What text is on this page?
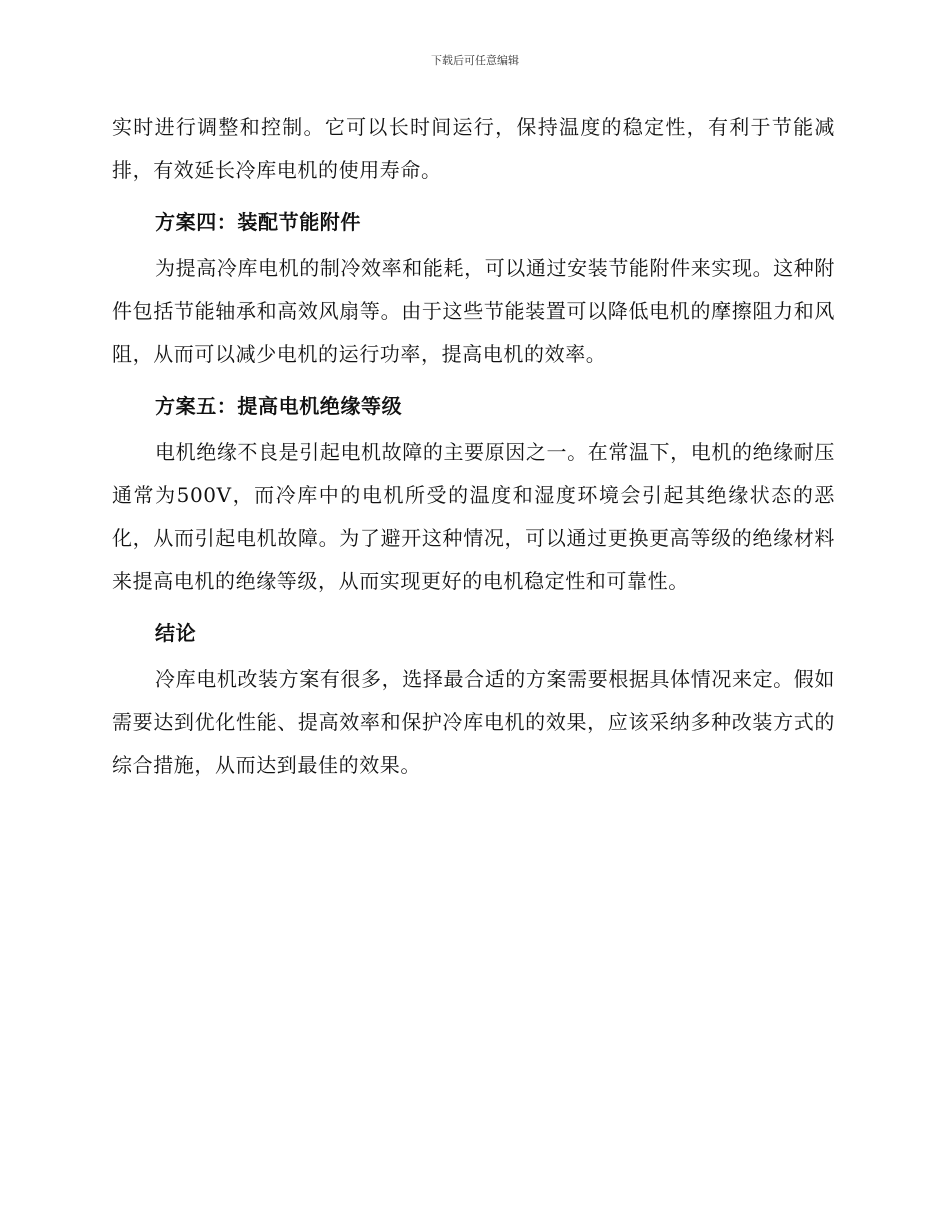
下载后可任意编辑

实时进行调整和控制。它可以长时间运行，保持温度的稳定性，有利于节能减排，有效延长冷库电机的使用寿命。

方案四：装配节能附件

为提高冷库电机的制冷效率和能耗，可以通过安装节能附件来实现。这种附件包括节能轴承和高效风扇等。由于这些节能装置可以降低电机的摩擦阻力和风阻，从而可以减少电机的运行功率，提高电机的效率。

方案五：提高电机绝缘等级

电机绝缘不良是引起电机故障的主要原因之一。在常温下，电机的绝缘耐压通常为500V，而冷库中的电机所受的温度和湿度环境会引起其绝缘状态的恶化，从而引起电机故障。为了避开这种情况，可以通过更换更高等级的绝缘材料来提高电机的绝缘等级，从而实现更好的电机稳定性和可靠性。

结论

冷库电机改装方案有很多，选择最合适的方案需要根据具体情况来定。假如需要达到优化性能、提高效率和保护冷库电机的效果，应该采纳多种改装方式的综合措施，从而达到最佳的效果。
